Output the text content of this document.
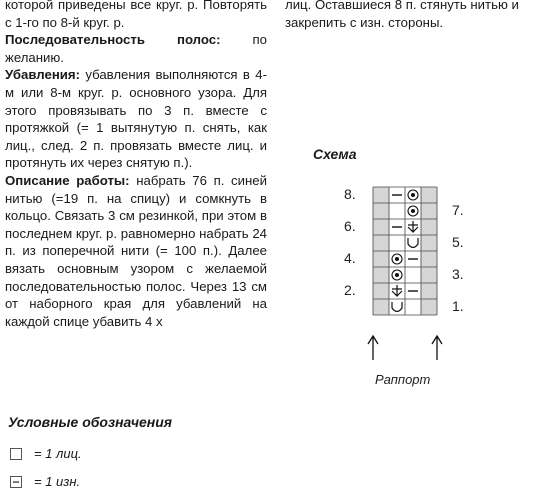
которой приведены все круг. р. Повторять с 1-го по 8-й круг. р.

Последовательность полос: по желанию.

Убавления: убавления выполняются в 4-м или 8-м круг. р. основного узора. Для этого провязывать по 3 п. вместе с протяжкой (= 1 вытянутую п. снять, как лиц., след. 2 п. провязать вместе лиц. и протянуть их через снятую п.).

Описание работы: набрать 76 п. синей нитью (=19 п. на спицу) и сомкнуть в кольцо. Связать 3 см резинкой, при этом в последнем круг. р. равномерно набрать 24 п. из поперечной нити (= 100 п.). Далее вязать основным узором с желаемой последовательностью полос. Через 13 см от наборного края для убавлений на каждой спице убавить 4 х

лиц. Оставшиеся 8 п. стянуть нитью и закрепить с изн. стороны.

Схема
8.
6.
4.
2.
7.
5.
3.
1.
Раппорт
Условные обозначения
= 1 лиц.
= 1 изн.
